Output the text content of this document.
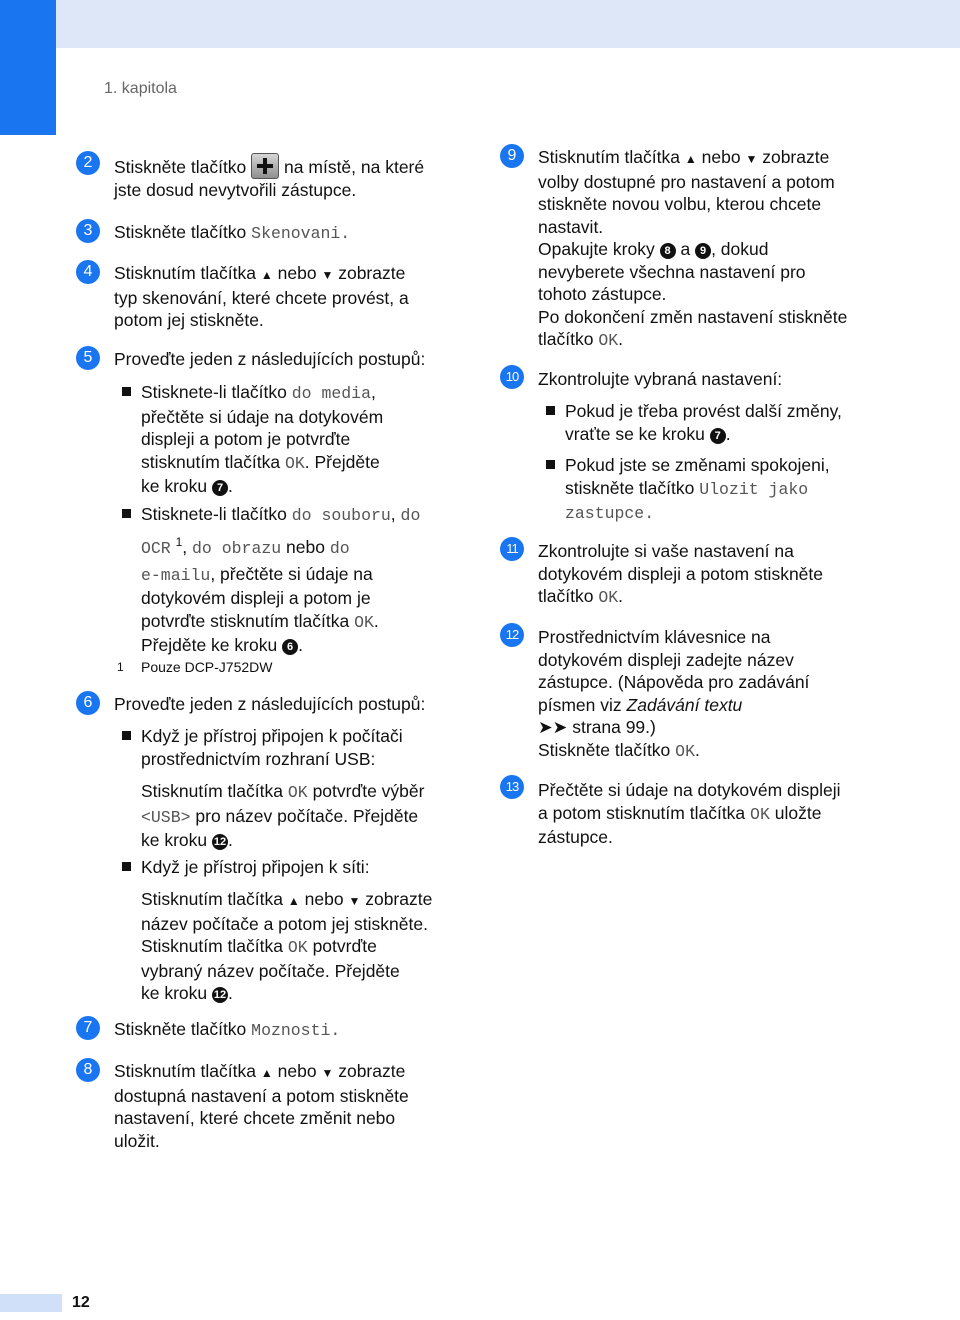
1. kapitola
2	Stiskněte tlačítko na místě, na které
jste dosud nevytvořili zástupce.
3	Stiskněte tlačítko Skenovani.
4	Stisknutím tlačítka ▲ nebo ▼ zobrazte
typ skenování, které chcete provést, a
potom jej stiskněte.
5	Proveďte jeden z následujících postupů:
Stisknete-li tlačítko do media,
přečtěte si údaje na dotykovém
displeji a potom je potvrďte
stisknutím tlačítka OK. Přejděte
ke kroku 7 .
Stisknete-li tlačítko do souboru, do
OCR $^1$, do obrazu nebo do
e-mailu, přečtěte si údaje na
dotykovém displeji a potom je
potvrďte stisknutím tlačítka OK.
Přejděte ke kroku 6 .
1 Pouze DCP-J752DW
6	Proveďte jeden z následujících postupů:
Když je přístroj připojen k počítači
prostřednictvím rozhraní USB:
Stisknutím tlačítka OK potvrďte výběr
<USB> pro název počítače. Přejděte
ke kroku 12 .
Když je přístroj připojen k síti:
Stisknutím tlačítka ▲ nebo ▼ zobrazte
název počítače a potom jej stiskněte.
Stisknutím tlačítka OK potvrďte
vybraný název počítače. Přejděte
ke kroku 12 .
7	Stiskněte tlačítko Moznosti.
8	Stisknutím tlačítka ▲ nebo ▼ zobrazte
dostupná nastavení a potom stiskněte
nastavení, které chcete změnit nebo
uložit.
9	Stisknutím tlačítka ▲ nebo ▼ zobrazte
volby dostupné pro nastavení a potom
stiskněte novou volbu, kterou chcete
nastavit.
Opakujte kroky 8 a 9 , dokud
nevyberete všechna nastavení pro
tohoto zástupce.
Po dokončení změn nastavení stiskněte
tlačítko OK.
10	Zkontrolujte vybraná nastavení:
Pokud je třeba provést další změny,
vraťte se ke kroku 7 .
Pokud jste se změnami spokojeni,
stiskněte tlačítko Ulozit jako
zastupce.
11	Zkontrolujte si vaše nastavení na
dotykovém displeji a potom stiskněte
tlačítko OK.
12	Prostřednictvím klávesnice na
dotykovém displeji zadejte název
zástupce. (Nápověda pro zadávání
písmen viz Zadávání textu
➤➤ strana 99.)
Stiskněte tlačítko OK.
13	Přečtěte si údaje na dotykovém displeji
a potom stisknutím tlačítka OK uložte
zástupce.
12
